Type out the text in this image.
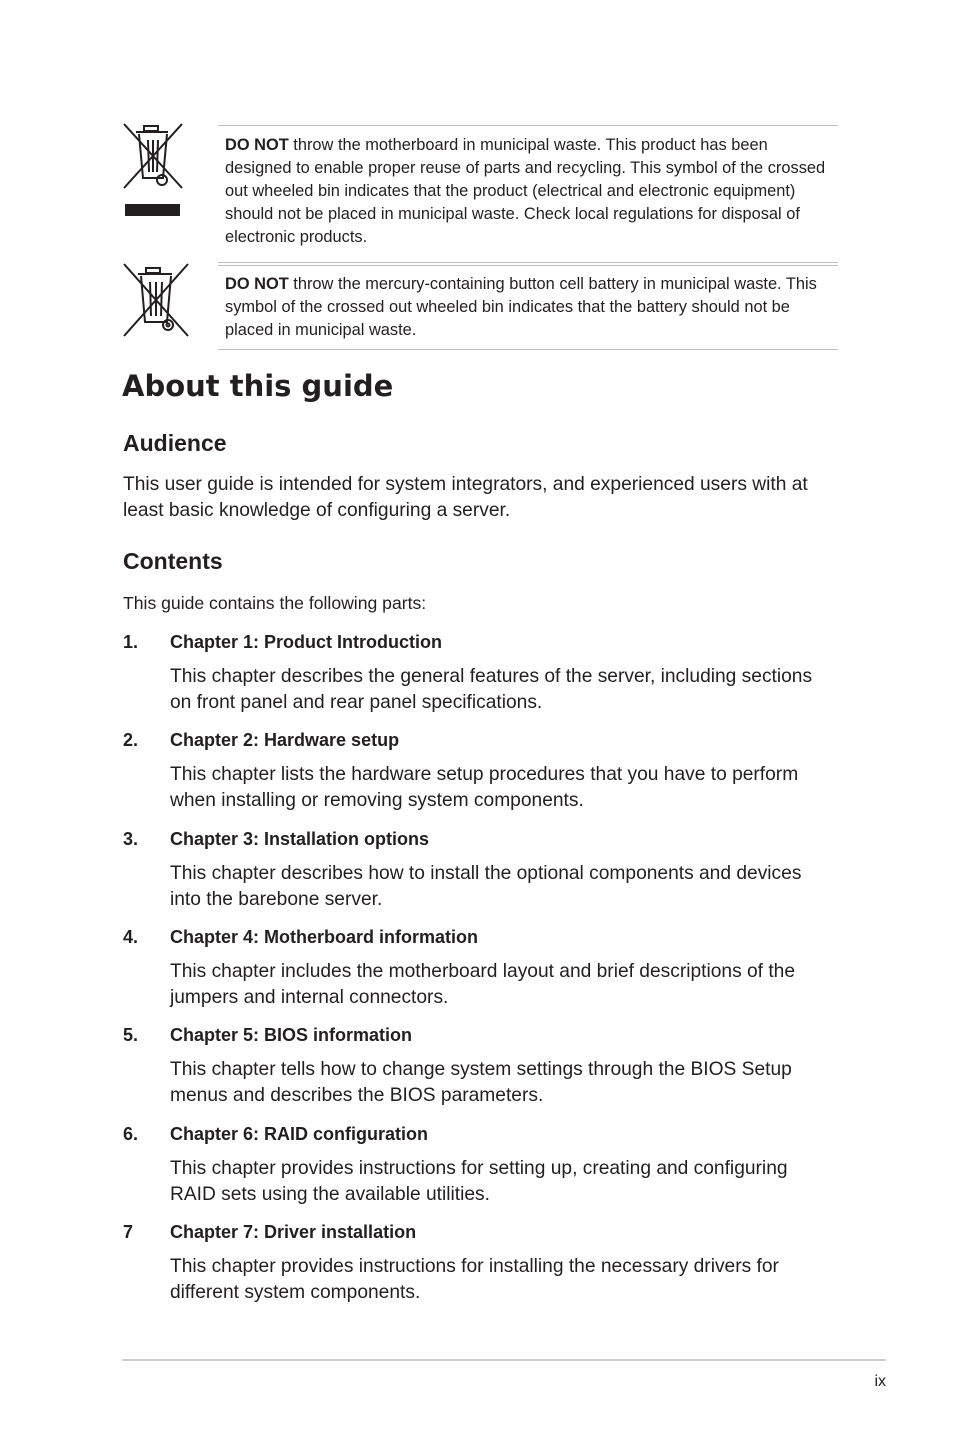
DO NOT throw the motherboard in municipal waste. This product has been designed to enable proper reuse of parts and recycling. This symbol of the crossed out wheeled bin indicates that the product (electrical and electronic equipment) should not be placed in municipal waste. Check local regulations for disposal of electronic products.
DO NOT throw the mercury-containing button cell battery in municipal waste. This symbol of the crossed out wheeled bin indicates that the battery should not be placed in municipal waste.
About this guide
Audience

This user guide is intended for system integrators, and experienced users with at least basic knowledge of configuring a server.

Contents

This guide contains the following parts:

1. Chapter 1: Product Introduction

This chapter describes the general features of the server, including sections on front panel and rear panel specifications.

2. Chapter 2: Hardware setup

This chapter lists the hardware setup procedures that you have to perform when installing or removing system components.

3. Chapter 3: Installation options

This chapter describes how to install the optional components and devices into the barebone server.

4. Chapter 4: Motherboard information

This chapter includes the motherboard layout and brief descriptions of the jumpers and internal connectors.

5. Chapter 5: BIOS information

This chapter tells how to change system settings through the BIOS Setup menus and describes the BIOS parameters.

6. Chapter 6: RAID configuration

This chapter provides instructions for setting up, creating and configuring RAID sets using the available utilities.

7 Chapter 7: Driver installation

This chapter provides instructions for installing the necessary drivers for different system components.

ix
